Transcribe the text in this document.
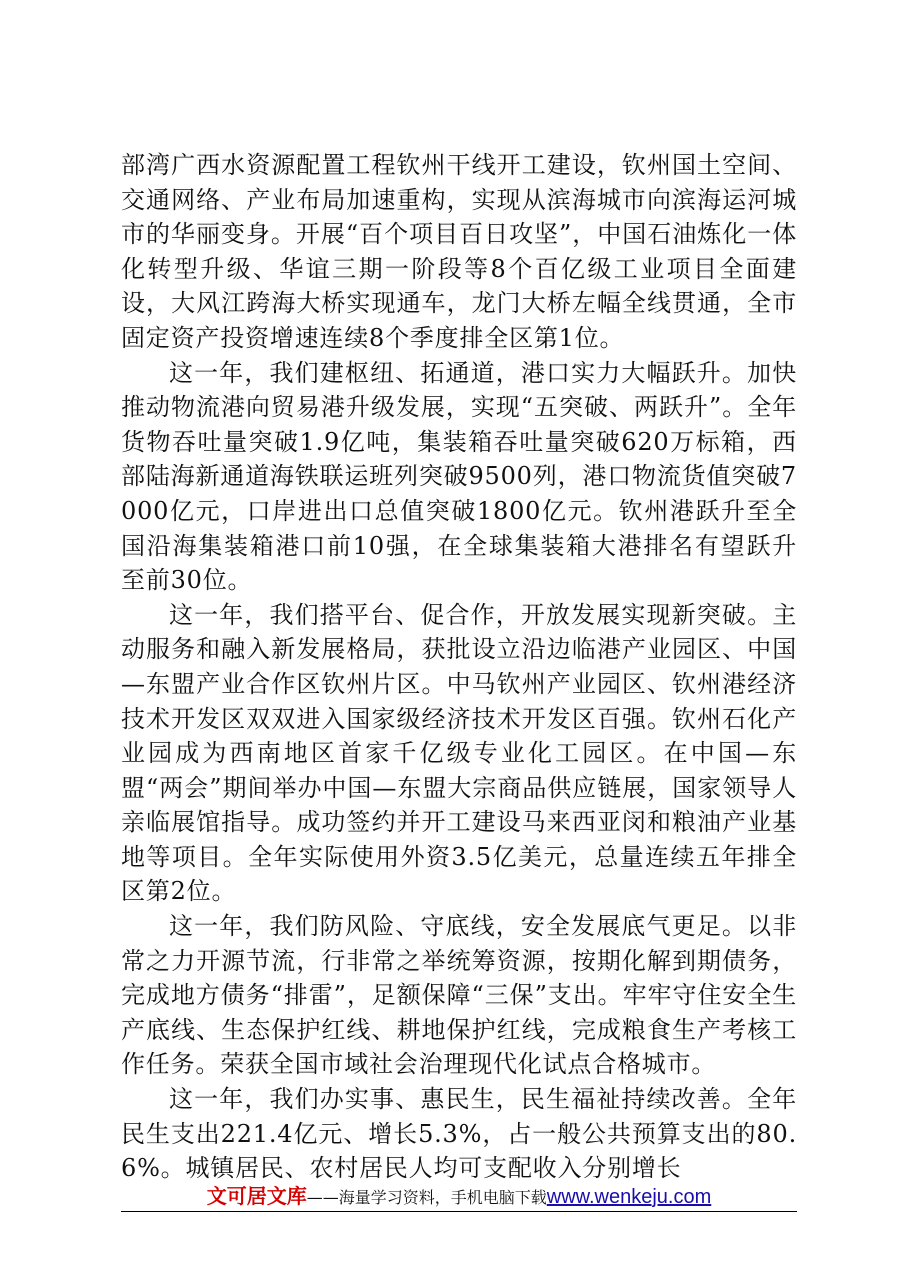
部湾广西水资源配置工程钦州干线开工建设，钦州国土空间、交通网络、产业布局加速重构，实现从滨海城市向滨海运河城市的华丽变身。开展“百个项目百日攻坚”，中国石油炼化一体化转型升级、华谊三期一阶段等8个百亿级工业项目全面建设，大风江跨海大桥实现通车，龙门大桥左幅全线贯通，全市固定资产投资增速连续8个季度排全区第1位。

这一年，我们建枢纽、拓通道，港口实力大幅跃升。加快推动物流港向贸易港升级发展，实现“五突破、两跃升”。全年货物吞吐量突破1.9亿吨，集装箱吞吐量突破620万标箱，西部陆海新通道海铁联运班列突破9500列，港口物流货值突破7000亿元，口岸进出口总值突破1800亿元。钦州港跃升至全国沿海集装箱港口前10强，在全球集装箱大港排名有望跃升至前30位。

这一年，我们搭平台、促合作，开放发展实现新突破。主动服务和融入新发展格局，获批设立沿边临港产业园区、中国—东盟产业合作区钦州片区。中马钦州产业园区、钦州港经济技术开发区双双进入国家级经济技术开发区百强。钦州石化产业园成为西南地区首家千亿级专业化工园区。在中国—东盟“两会”期间举办中国—东盟大宗商品供应链展，国家领导人亲临展馆指导。成功签约并开工建设马来西亚闵和粮油产业基地等项目。全年实际使用外资3.5亿美元，总量连续五年排全区第2位。

这一年，我们防风险、守底线，安全发展底气更足。以非常之力开源节流，行非常之举统筹资源，按期化解到期债务，完成地方债务“排雷”，足额保障“三保”支出。牢牢守住安全生产底线、生态保护红线、耕地保护红线，完成粮食生产考核工作任务。荣获全国市域社会治理现代化试点合格城市。

这一年，我们办实事、惠民生，民生福祉持续改善。全年民生支出221.4亿元、增长5.3%，占一般公共预算支出的80.6%。城镇居民、农村居民人均可支配收入分别增长

文可居文库——海量学习资料，手机电脑下载www.wenkeju.com
